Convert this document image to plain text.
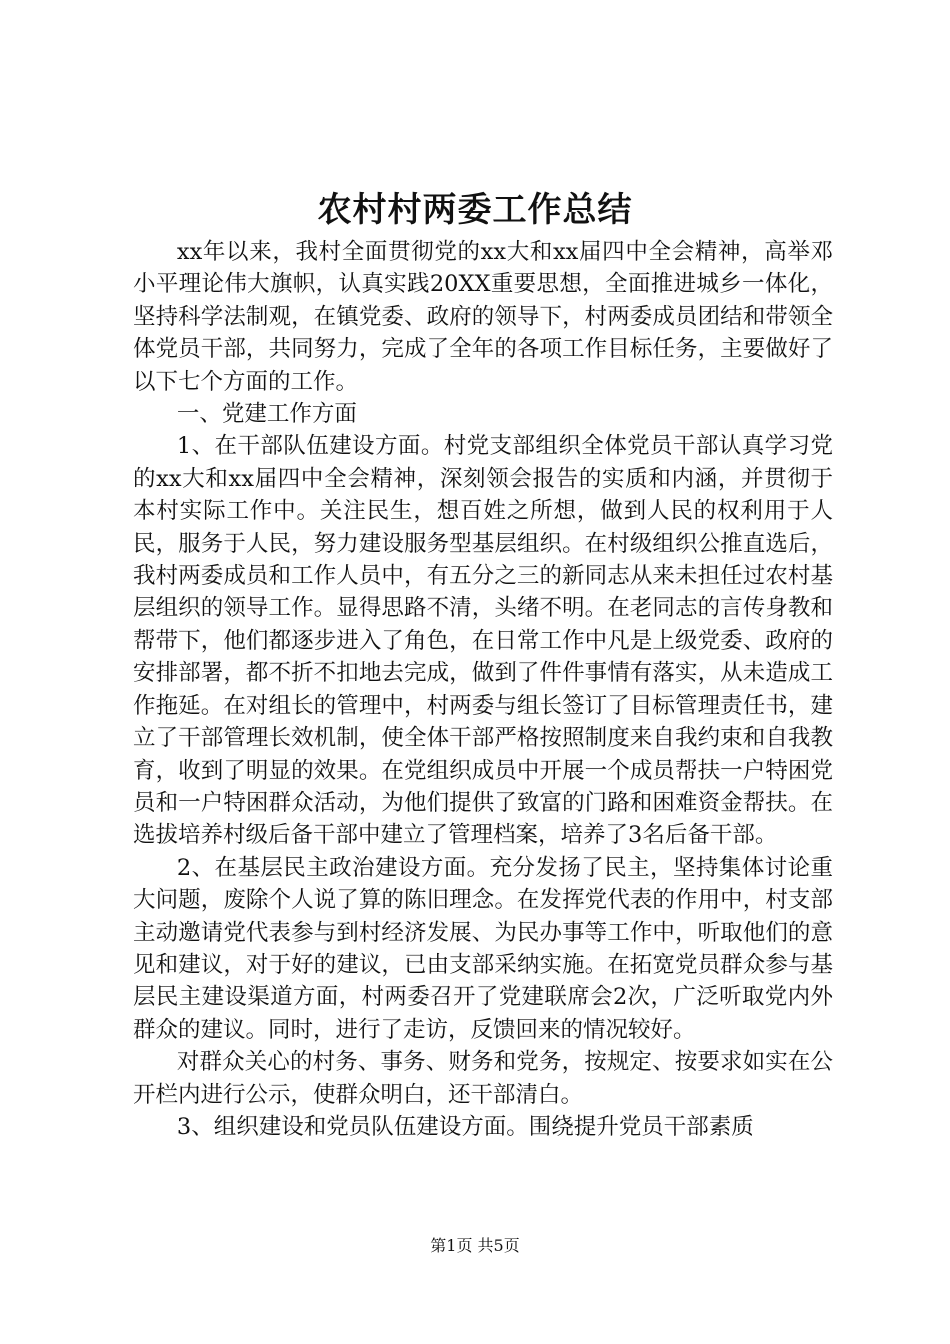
农村村两委工作总结

xx年以来，我村全面贯彻党的xx大和xx届四中全会精神，高举邓小平理论伟大旗帜，认真实践20XX重要思想，全面推进城乡一体化，坚持科学法制观，在镇党委、政府的领导下，村两委成员团结和带领全体党员干部，共同努力，完成了全年的各项工作目标任务，主要做好了以下七个方面的工作。

一、党建工作方面

1、在干部队伍建设方面。村党支部组织全体党员干部认真学习党的xx大和xx届四中全会精神，深刻领会报告的实质和内涵，并贯彻于本村实际工作中。关注民生，想百姓之所想，做到人民的权利用于人民，服务于人民，努力建设服务型基层组织。在村级组织公推直选后，我村两委成员和工作人员中，有五分之三的新同志从来未担任过农村基层组织的领导工作。显得思路不清，头绪不明。在老同志的言传身教和帮带下，他们都逐步进入了角色，在日常工作中凡是上级党委、政府的安排部署，都不折不扣地去完成，做到了件件事情有落实，从未造成工作拖延。在对组长的管理中，村两委与组长签订了目标管理责任书，建立了干部管理长效机制，使全体干部严格按照制度来自我约束和自我教育，收到了明显的效果。在党组织成员中开展一个成员帮扶一户特困党员和一户特困群众活动，为他们提供了致富的门路和困难资金帮扶。在选拔培养村级后备干部中建立了管理档案，培养了3名后备干部。

2、在基层民主政治建设方面。充分发扬了民主，坚持集体讨论重大问题，废除个人说了算的陈旧理念。在发挥党代表的作用中，村支部主动邀请党代表参与到村经济发展、为民办事等工作中，听取他们的意见和建议，对于好的建议，已由支部采纳实施。在拓宽党员群众参与基层民主建设渠道方面，村两委召开了党建联席会2次，广泛听取党内外群众的建议。同时，进行了走访，反馈回来的情况较好。

对群众关心的村务、事务、财务和党务，按规定、按要求如实在公开栏内进行公示，使群众明白，还干部清白。

3、组织建设和党员队伍建设方面。围绕提升党员干部素质

第1页 共5页
